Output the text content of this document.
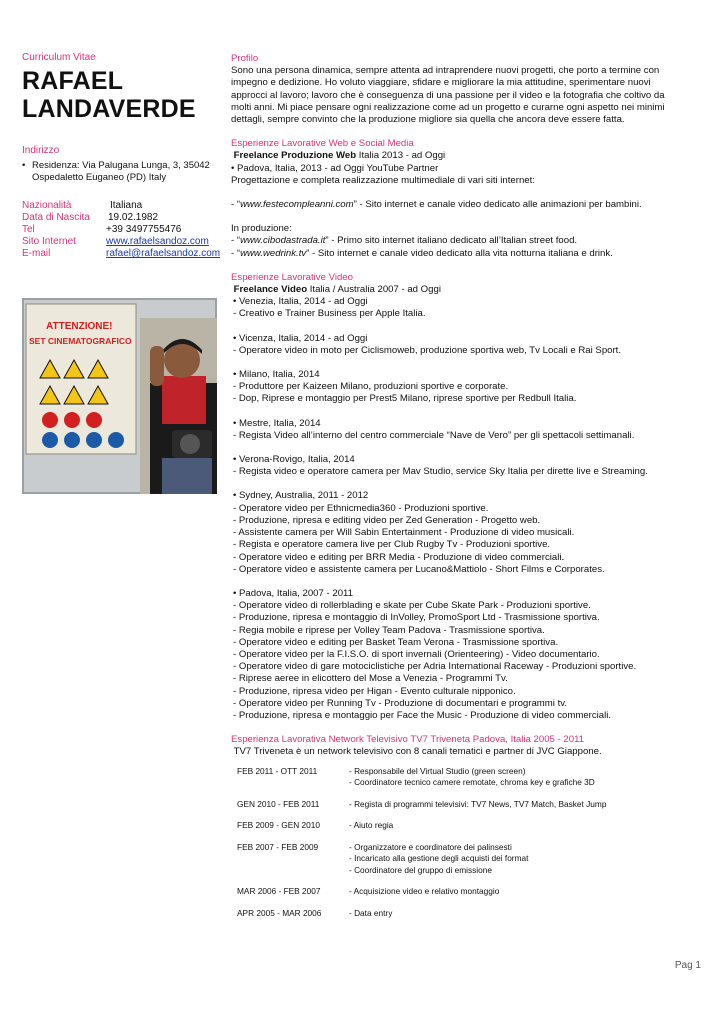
Curriculum Vitae
RAFAEL
LANDAVERDE
Indirizzo
• Residenza: Via Palugana Lunga, 3, 35042
Ospedaletto Euganeo (PD) Italy
Nazionalità	Italiana
Data di Nascita	19.02.1982
Tel	+39 3497755476
Sito Internet	www.rafaelsandoz.com
E-mail	rafael@rafaelsandoz.com
ATTENZIONE!
SET CINEMATOGRAFICO
Profilo

Sono una persona dinamica, sempre attenta ad intraprendere nuovi progetti, che porto a termine con

impegno e dedizione. Ho voluto viaggiare, sfidare e migliorare la mia attitudine, sperimentare nuovi

approcci al lavoro; lavoro che è conseguenza di una passione per il video e la fotografia che coltivo da

molti anni. Mi piace pensare ogni realizzazione come ad un progetto e curarne ogni aspetto nei minimi

dettagli, sempre convinto che la produzione migliore sia quella che ancora deve essere fatta.

Esperienze Lavorative Web e Social Media

Freelance Produzione Web Italia 2013 - ad Oggi

• Padova, Italia, 2013 - ad Oggi YouTube Partner

Progettazione e completa realizzazione multimediale di vari siti internet:

- “www.festecompleanni.com” - Sito internet e canale video dedicato alle animazioni per bambini.

In produzione:

- “www.cibodastrada.it” - Primo sito internet italiano dedicato all’Italian street food.

- “www.wedrink.tv” - Sito internet e canale video dedicato alla vita notturna italiana e drink.

Esperienze Lavorative Video

Freelance Video Italia / Australia 2007 - ad Oggi

• Venezia, Italia, 2014 - ad Oggi

- Creativo e Trainer Business per Apple Italia.

• Vicenza, Italia, 2014 - ad Oggi

- Operatore video in moto per Ciclismoweb, produzione sportiva web, Tv Locali e Rai Sport.

• Milano, Italia, 2014

- Produttore per Kaizeen Milano, produzioni sportive e corporate.

- Dop, Riprese e montaggio per Prest5 Milano, riprese sportive per Redbull Italia.

• Mestre, Italia, 2014

- Regista Video all’interno del centro commerciale “Nave de Vero” per gli spettacoli settimanali.

• Verona-Rovigo, Italia, 2014

- Regista video e operatore camera per Mav Studio, service Sky Italia per dirette live e Streaming.

• Sydney, Australia, 2011 - 2012

- Operatore video per Ethnicmedia360 - Produzioni sportive.

- Produzione, ripresa e editing video per Zed Generation - Progetto web.

- Assistente camera per Will Sabin Entertainment - Produzione di video musicali.

- Regista e operatore camera live per Club Rugby Tv - Produzioni sportive.

- Operatore video e editing per BRR Media - Produzione di video commerciali.

- Operatore video e assistente camera per Lucano&Mattiolo - Short Films e Corporates.

• Padova, Italia, 2007 - 2011

- Operatore video di rollerblading e skate per Cube Skate Park - Produzioni sportive.

- Produzione, ripresa e montaggio di InVolley, PromoSport Ltd - Trasmissione sportiva.

- Regia mobile e riprese per Volley Team Padova - Trasmissione sportiva.

- Operatore video e editing per Basket Team Verona - Trasmissione sportiva.

- Operatore video per la F.I.S.O. di sport invernali (Orienteering) - Video documentario.

- Operatore video di gare motociclistiche per Adria International Raceway - Produzioni sportive.

- Riprese aeree in elicottero del Mose a Venezia - Programmi Tv.

- Produzione, ripresa video per Higan - Evento culturale nipponico.

- Operatore video per Running Tv - Produzione di documentari e programmi tv.

- Produzione, ripresa e montaggio per Face the Music - Produzione di video commerciali.

Esperienza Lavorativa Network Televisivo TV7 Triveneta Padova, Italia 2005 - 2011

TV7 Triveneta è un network televisivo con 8 canali tematici e partner di JVC Giappone.

FEB 2011 - OTT 2011	- Responsabile del Virtual Studio (green screen)
- Coordinatore tecnico camere remotate, chroma key e grafiche 3D
GEN 2010 - FEB 2011	- Regista di programmi televisivi: TV7 News, TV7 Match, Basket Jump
FEB 2009 - GEN 2010	- Aiuto regia
FEB 2007 - FEB 2009	- Organizzatore e coordinatore dei palinsesti
- Incaricato alla gestione degli acquisti dei format
- Coordinatore del gruppo di emissione
MAR 2006 - FEB 2007	- Acquisizione video e relativo montaggio
APR 2005 - MAR 2006	- Data entry
Pag 1
